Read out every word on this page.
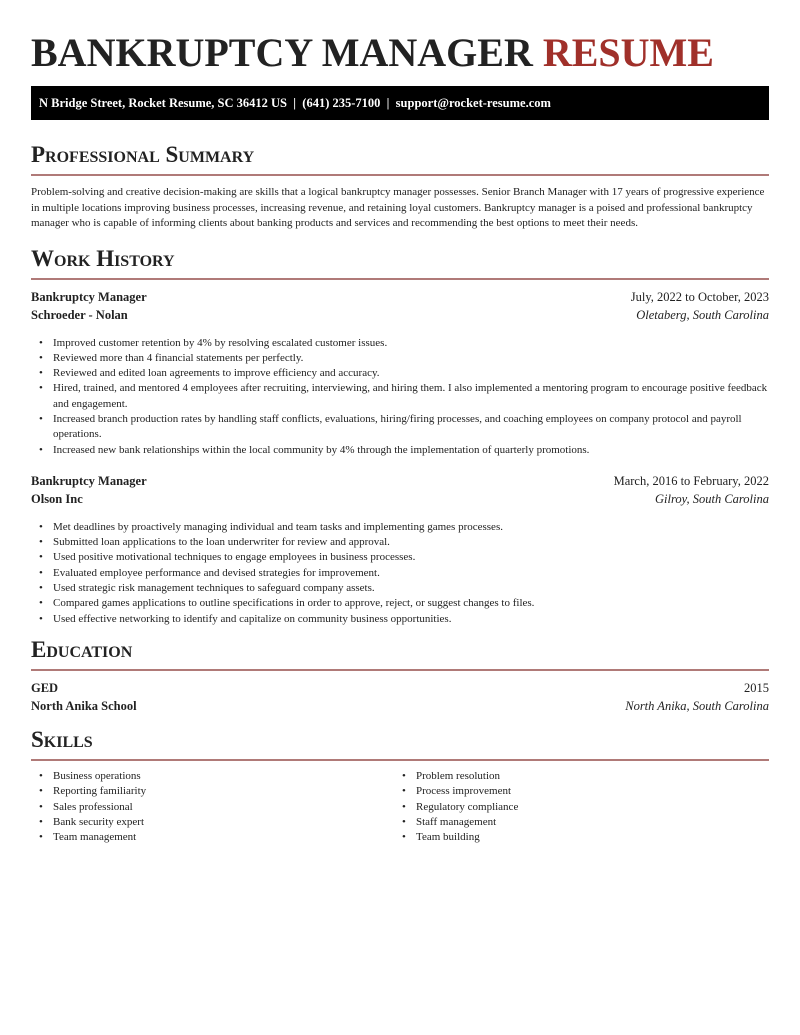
BANKRUPTCY MANAGER RESUME
N Bridge Street, Rocket Resume, SC 36412 US | (641) 235-7100 | support@rocket-resume.com
Professional Summary

Problem-solving and creative decision-making are skills that a logical bankruptcy manager possesses. Senior Branch Manager with 17 years of progressive experience in multiple locations improving business processes, increasing revenue, and retaining loyal customers. Bankruptcy manager is a poised and professional bankruptcy manager who is capable of informing clients about banking products and services and recommending the best options to meet their needs.

Work History
Bankruptcy Manager	July, 2022 to October, 2023
Schroeder - Nolan	Oletaberg, South Carolina
• Improved customer retention by 4% by resolving escalated customer issues.
• Reviewed more than 4 financial statements per perfectly.
• Reviewed and edited loan agreements to improve efficiency and accuracy.
• Hired, trained, and mentored 4 employees after recruiting, interviewing, and hiring them. I also implemented a mentoring program to encourage positive feedback and engagement.
• Increased branch production rates by handling staff conflicts, evaluations, hiring/firing processes, and coaching employees on company protocol and payroll operations.
• Increased new bank relationships within the local community by 4% through the implementation of quarterly promotions.
Bankruptcy Manager	March, 2016 to February, 2022
Olson Inc	Gilroy, South Carolina
• Met deadlines by proactively managing individual and team tasks and implementing games processes.
• Submitted loan applications to the loan underwriter for review and approval.
• Used positive motivational techniques to engage employees in business processes.
• Evaluated employee performance and devised strategies for improvement.
• Used strategic risk management techniques to safeguard company assets.
• Compared games applications to outline specifications in order to approve, reject, or suggest changes to files.
• Used effective networking to identify and capitalize on community business opportunities.
Education
GED	2015
North Anika School	North Anika, South Carolina
Skills
• Business operations
• Reporting familiarity
• Sales professional
• Bank security expert
• Team management
• Problem resolution
• Process improvement
• Regulatory compliance
• Staff management
• Team building
